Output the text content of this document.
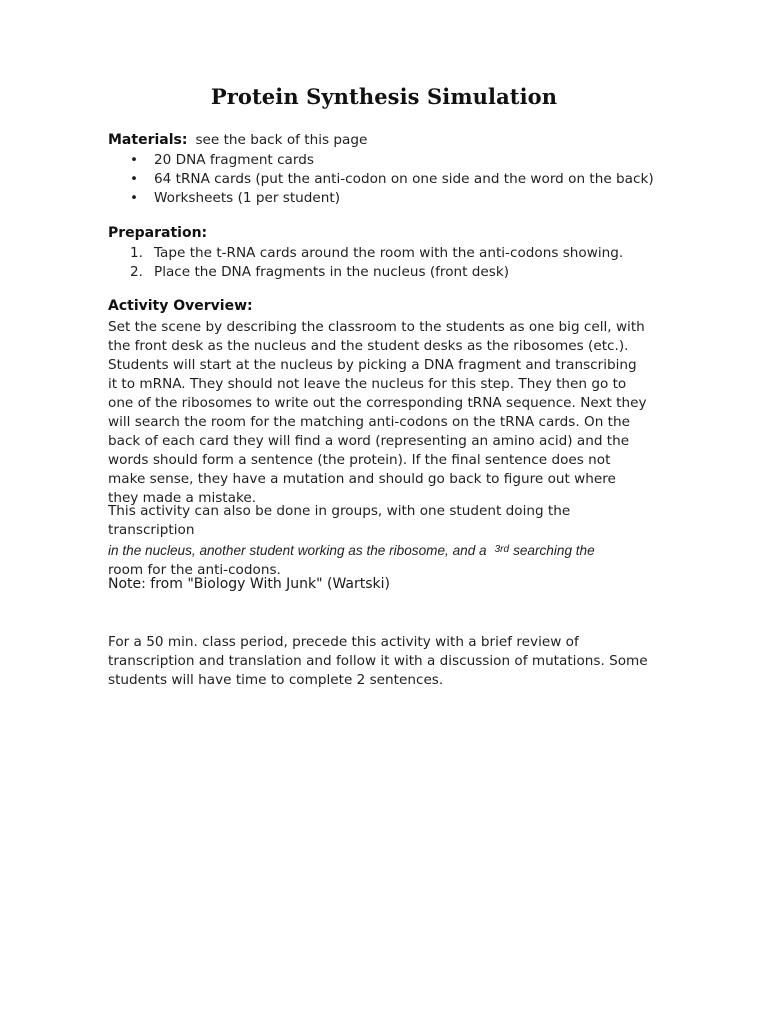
Protein Synthesis Simulation
Materials: see the back of this page
• 20 DNA fragment cards
• 64 tRNA cards (put the anti-codon on one side and the word on the back)
• Worksheets (1 per student)
Preparation:
1. Tape the t-RNA cards around the room with the anti-codons showing.
2. Place the DNA fragments in the nucleus (front desk)
Activity Overview:

Set the scene by describing the classroom to the students as one big cell, with the front desk as the nucleus and the student desks as the ribosomes (etc.). Students will start at the nucleus by picking a DNA fragment and transcribing it to mRNA. They should not leave the nucleus for this step. They then go to one of the ribosomes to write out the corresponding tRNA sequence. Next they will search the room for the matching anti-codons on the tRNA cards. On the back of each card they will find a word (representing an amino acid) and the words should form a sentence (the protein). If the final sentence does not make sense, they have a mutation and should go back to figure out where they made a mistake.

This activity can also be done in groups, with one student doing the transcription

in the nucleus, another student working as the ribosome, and a $^{3rd}$ searching the

room for the anti-codons.

Note: from "Biology With Junk" (Wartski)

For a 50 min. class period, precede this activity with a brief review of transcription and translation and follow it with a discussion of mutations. Some students will have time to complete 2 sentences.
